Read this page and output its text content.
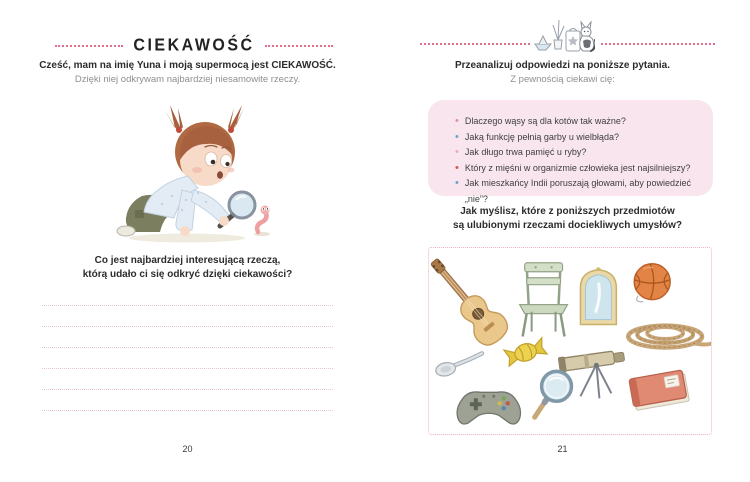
CIEKAWOŚĆ

Cześć, mam na imię Yuna i moją supermocą jest CIEKAWOŚĆ.

Dzięki niej odkrywam najbardziej niesamowite rzeczy.

Co jest najbardziej interesującą rzeczą,
którą udało ci się odkryć dzięki ciekawości?

20

Przeanalizuj odpowiedzi na poniższe pytania.

Z pewnością ciekawi cię:

• Dlaczego wąsy są dla kotów tak ważne?
• Jaką funkcję pełnią garby u wielbłąda?
• Jak długo trwa pamięć u ryby?
• Który z mięśni w organizmie człowieka jest najsilniejszy?
• Jak mieszkańcy Indii poruszają głowami, aby powiedzieć „nie”?

Jak myślisz, które z poniższych przedmiotów
są ulubionymi rzeczami dociekliwych umysłów?

21
